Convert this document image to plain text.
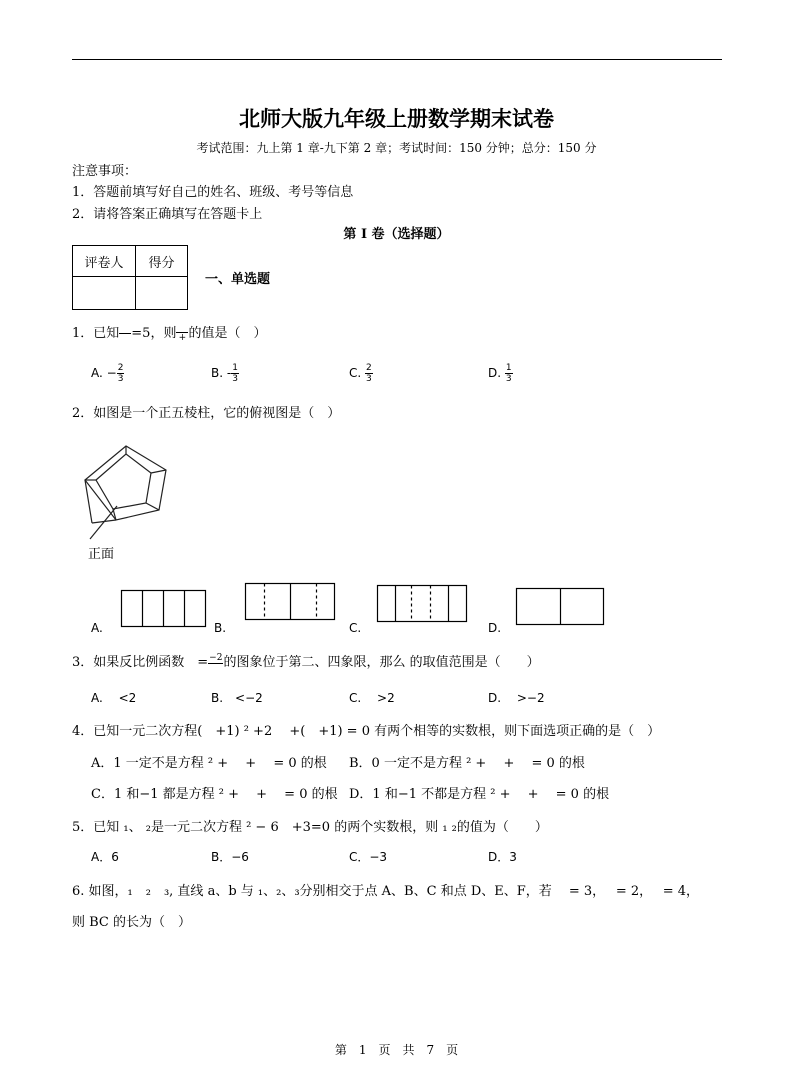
北师大版九年级上册数学期末试卷
考试范围：九上第 1 章-九下第 2 章；考试时间：150 分钟；总分：150 分
注意事项：
1．答题前填写好自己的姓名、班级、考号等信息
2．请将答案正确填写在答题卡上
第 I 卷（选择题）
评卷人	得分

一、单选题
1．已知 =5，则 + 的值是（　）
A. − $\frac{2}{3}$	B. - $\frac{1}{3}$	C. $\frac{2}{3}$	D. $\frac{1}{3}$
2．如图是一个正五棱柱，它的俯视图是（　）
正面
A.	B.	C.	D.
3．如果反比例函数　= −2 的图象位于第二、四象限，那么 的取值范围是（　　）
A.　 <2	B.　<−2	C.　 >2	D.　 >−2
4．已知一元二次方程(　+1) ² +2　 +(　+1) = 0 有两个相等的实数根，则下面选项正确的是（　）
A．1 一定不是方程 ² +　 +　 = 0 的根 B．0 一定不是方程 ² +　 +　 = 0 的根
C．1 和−1 都是方程 ² +　 +　 = 0 的根 D．1 和−1 不都是方程 ² +　 +　 = 0 的根
5．已知 ₁、 ₂是一元二次方程 ² − 6　+3=0 的两个实数根，则 ₁ ₂的值为（　　）
A．6	B．−6	C．−3	D．3
6. 如图，₁　₂　₃, 直线 a、b 与 ₁、₂、₃分别相交于点 A、B、C 和点 D、E、F，若　 = 3，　 = 2，　 = 4，
则 BC 的长为（　）
第　1　页　共　7　页
